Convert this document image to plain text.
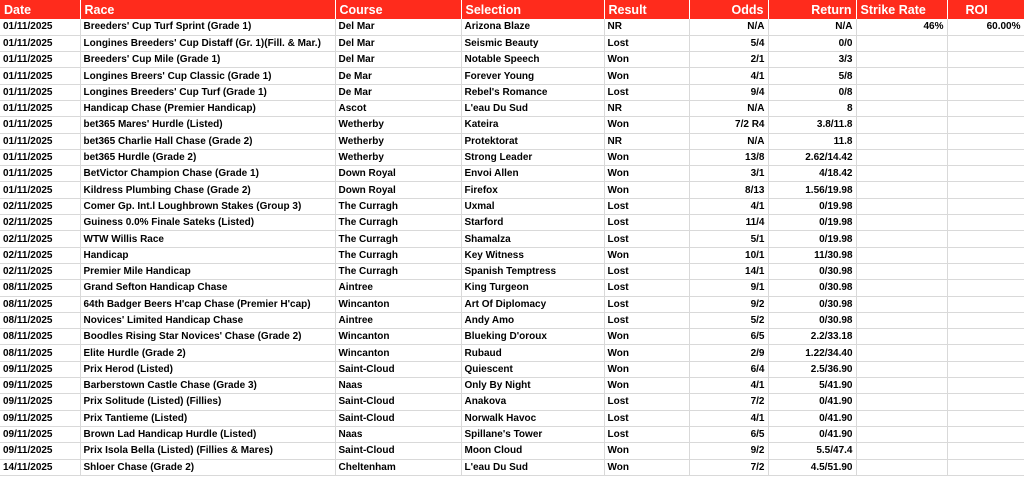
Date	Race	Course	Selection	Result	Odds	Return	Strike Rate	ROI
01/11/2025	Breeders' Cup Turf Sprint (Grade 1)	Del Mar	Arizona Blaze	NR	N/A	N/A	46%	60.00%
01/11/2025	Longines Breeders' Cup Distaff (Gr. 1)(Fill. & Mar.)	Del Mar	Seismic Beauty	Lost	5/4	0/0		
01/11/2025	Breeders' Cup Mile (Grade 1)	Del Mar	Notable Speech	Won	2/1	3/3		
01/11/2025	Longines Breers' Cup Classic (Grade 1)	De Mar	Forever Young	Won	4/1	5/8		
01/11/2025	Longines Breeders' Cup Turf (Grade 1)	De Mar	Rebel's Romance	Lost	9/4	0/8		
01/11/2025	Handicap Chase (Premier Handicap)	Ascot	L'eau Du Sud	NR	N/A	8		
01/11/2025	bet365 Mares' Hurdle (Listed)	Wetherby	Kateira	Won	7/2 R4	3.8/11.8		
01/11/2025	bet365 Charlie Hall Chase (Grade 2)	Wetherby	Protektorat	NR	N/A	11.8		
01/11/2025	bet365 Hurdle (Grade 2)	Wetherby	Strong Leader	Won	13/8	2.62/14.42		
01/11/2025	BetVictor Champion Chase (Grade 1)	Down Royal	Envoi Allen	Won	3/1	4/18.42		
01/11/2025	Kildress Plumbing Chase (Grade 2)	Down Royal	Firefox	Won	8/13	1.56/19.98		
02/11/2025	Comer Gp. Int.l Loughbrown Stakes (Group 3)	The Curragh	Uxmal	Lost	4/1	0/19.98		
02/11/2025	Guiness 0.0% Finale Sateks (Listed)	The Curragh	Starford	Lost	11/4	0/19.98		
02/11/2025	WTW Willis Race	The Curragh	Shamalza	Lost	5/1	0/19.98		
02/11/2025	Handicap	The Curragh	Key Witness	Won	10/1	11/30.98		
02/11/2025	Premier Mile Handicap	The Curragh	Spanish Temptress	Lost	14/1	0/30.98		
08/11/2025	Grand Sefton Handicap Chase	Aintree	King Turgeon	Lost	9/1	0/30.98		
08/11/2025	64th Badger Beers H'cap Chase (Premier H'cap)	Wincanton	Art Of Diplomacy	Lost	9/2	0/30.98		
08/11/2025	Novices' Limited Handicap Chase	Aintree	Andy Amo	Lost	5/2	0/30.98		
08/11/2025	Boodles Rising Star Novices' Chase (Grade 2)	Wincanton	Blueking D'oroux	Won	6/5	2.2/33.18		
08/11/2025	Elite Hurdle (Grade 2)	Wincanton	Rubaud	Won	2/9	1.22/34.40		
09/11/2025	Prix Herod (Listed)	Saint-Cloud	Quiescent	Won	6/4	2.5/36.90		
09/11/2025	Barberstown Castle Chase (Grade 3)	Naas	Only By Night	Won	4/1	5/41.90		
09/11/2025	Prix Solitude (Listed) (Fillies)	Saint-Cloud	Anakova	Lost	7/2	0/41.90		
09/11/2025	Prix Tantieme (Listed)	Saint-Cloud	Norwalk Havoc	Lost	4/1	0/41.90		
09/11/2025	Brown Lad Handicap Hurdle (Listed)	Naas	Spillane's Tower	Lost	6/5	0/41.90		
09/11/2025	Prix Isola Bella (Listed) (Fillies & Mares)	Saint-Cloud	Moon Cloud	Won	9/2	5.5/47.4		
14/11/2025	Shloer Chase (Grade 2)	Cheltenham	L'eau Du Sud	Won	7/2	4.5/51.90		
